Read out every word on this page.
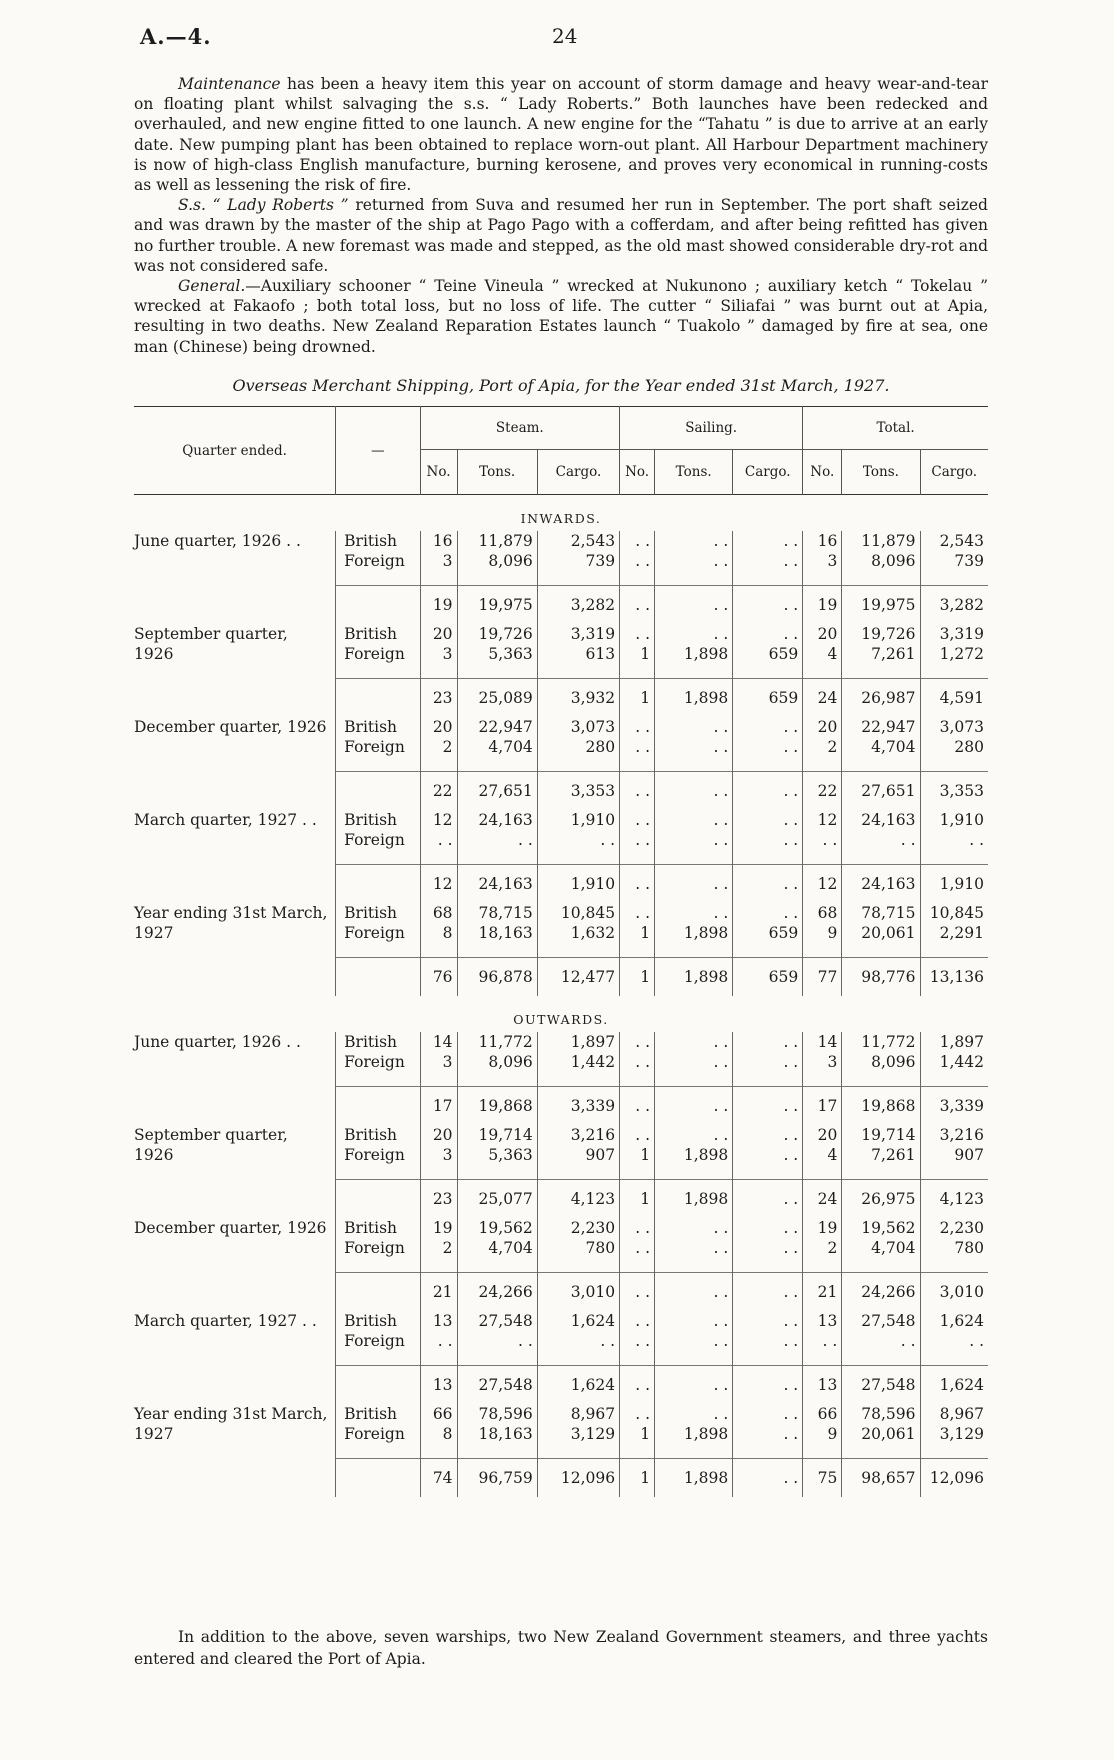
A.—4.	24

Maintenance has been a heavy item this year on account of storm damage and heavy wear-and-tear on floating plant whilst salvaging the s.s. “ Lady Roberts.” Both launches have been redecked and overhauled, and new engine fitted to one launch. A new engine for the “Tahatu ” is due to arrive at an early date. New pumping plant has been obtained to replace worn-out plant. All Harbour Department machinery is now of high-class English manufacture, burning kerosene, and proves very economical in running-costs as well as lessening the risk of fire.

S.s. “ Lady Roberts ” returned from Suva and resumed her run in September. The port shaft seized and was drawn by the master of the ship at Pago Pago with a cofferdam, and after being refitted has given no further trouble. A new foremast was made and stepped, as the old mast showed considerable dry-rot and was not considered safe.

General.—Auxiliary schooner “ Teine Vineula ” wrecked at Nukunono ; auxiliary ketch “ Tokelau ” wrecked at Fakaofo ; both total loss, but no loss of life. The cutter “ Siliafai ” was burnt out at Apia, resulting in two deaths. New Zealand Reparation Estates launch “ Tuakolo ” damaged by fire at sea, one man (Chinese) being drowned.

Overseas Merchant Shipping, Port of Apia, for the Year ended 31st March, 1927.
Quarter ended.	—	Steam.			Sailing.			Total.		
		No.	Tons.	Cargo.	No.	Tons.	Cargo.	No.	Tons.	Cargo.
INWARDS.										
June quarter, 1926 . .	British	16	11,879	2,543	. .	. .	. .	16	11,879	2,543
	Foreign	3	8,096	739	. .	. .	. .	3	8,096	739

		19	19,975	3,282	. .	. .	. .	19	19,975	3,282
September quarter, 1926	British	20	19,726	3,319	. .	. .	. .	20	19,726	3,319
	Foreign	3	5,363	613	1	1,898	659	4	7,261	1,272

		23	25,089	3,932	1	1,898	659	24	26,987	4,591
December quarter, 1926	British	20	22,947	3,073	. .	. .	. .	20	22,947	3,073
	Foreign	2	4,704	280	. .	. .	. .	2	4,704	280

		22	27,651	3,353	. .	. .	. .	22	27,651	3,353
March quarter, 1927 . .	British	12	24,163	1,910	. .	. .	. .	12	24,163	1,910
	Foreign	. .	. .	. .	. .	. .	. .	. .	. .	. .

		12	24,163	1,910	. .	. .	. .	12	24,163	1,910
Year ending 31st March, 1927	British	68	78,715	10,845	. .	. .	. .	68	78,715	10,845
	Foreign	8	18,163	1,632	1	1,898	659	9	20,061	2,291

		76	96,878	12,477	1	1,898	659	77	98,776	13,136
OUTWARDS.										
June quarter, 1926 . .	British	14	11,772	1,897	. .	. .	. .	14	11,772	1,897
	Foreign	3	8,096	1,442	. .	. .	. .	3	8,096	1,442

		17	19,868	3,339	. .	. .	. .	17	19,868	3,339
September quarter, 1926	British	20	19,714	3,216	. .	. .	. .	20	19,714	3,216
	Foreign	3	5,363	907	1	1,898	. .	4	7,261	907

		23	25,077	4,123	1	1,898	. .	24	26,975	4,123
December quarter, 1926	British	19	19,562	2,230	. .	. .	. .	19	19,562	2,230
	Foreign	2	4,704	780	. .	. .	. .	2	4,704	780

		21	24,266	3,010	. .	. .	. .	21	24,266	3,010
March quarter, 1927 . .	British	13	27,548	1,624	. .	. .	. .	13	27,548	1,624
	Foreign	. .	. .	. .	. .	. .	. .	. .	. .	. .

		13	27,548	1,624	. .	. .	. .	13	27,548	1,624
Year ending 31st March, 1927	British	66	78,596	8,967	. .	. .	. .	66	78,596	8,967
	Foreign	8	18,163	3,129	1	1,898	. .	9	20,061	3,129

		74	96,759	12,096	1	1,898	. .	75	98,657	12,096
In addition to the above, seven warships, two New Zealand Government steamers, and three yachts entered and cleared the Port of Apia.
